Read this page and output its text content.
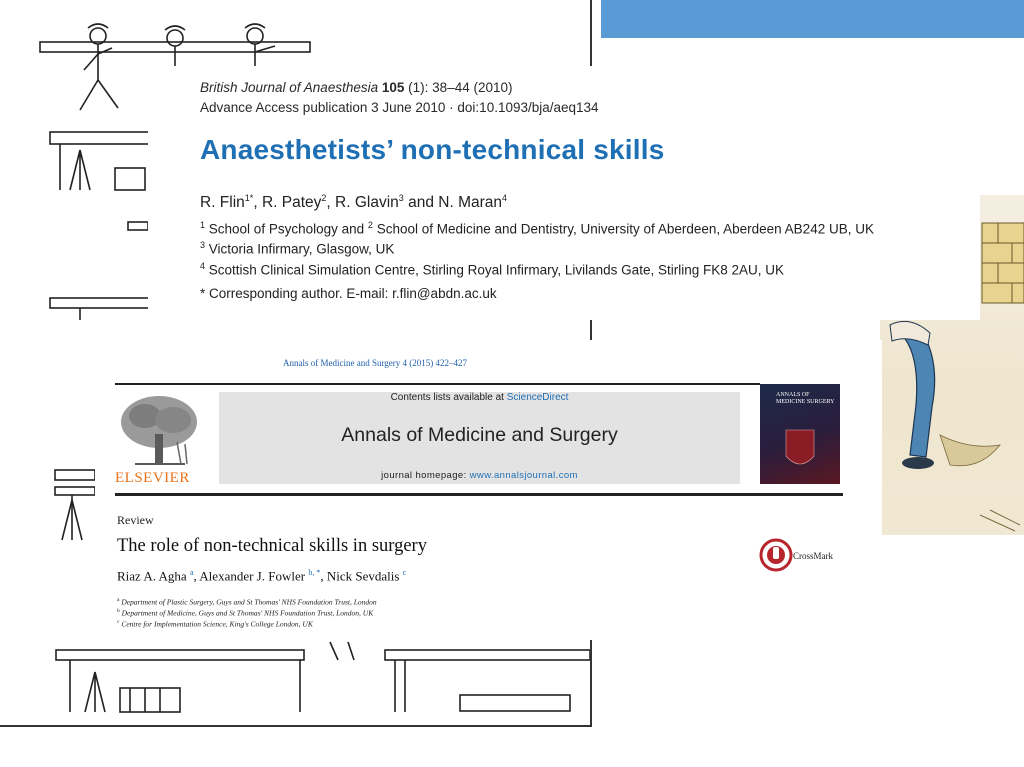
British Journal of Anaesthesia 105 (1): 38–44 (2010)
Advance Access publication 3 June 2010 · doi:10.1093/bja/aeq134
Anaesthetists’ non-technical skills
R. Flin$^{1*}$, R. Patey$^2$, R. Glavin$^3$ and N. Maran$^4$
$^1$ School of Psychology and $^2$ School of Medicine and Dentistry, University of Aberdeen, Aberdeen AB242 UB, UK
$^3$ Victoria Infirmary, Glasgow, UK
$^4$ Scottish Clinical Simulation Centre, Stirling Royal Infirmary, Livilands Gate, Stirling FK8 2AU, UK
* Corresponding author. E-mail: r.flin@abdn.ac.uk
Annals of Medicine and Surgery 4 (2015) 422–427
ELSEVIER
Contents lists available at ScienceDirect
Annals of Medicine and Surgery
journal homepage: www.annalsjournal.com
ANNALS OF MEDICINE SURGERY
Review
The role of non-technical skills in surgery
Riaz A. Agha $^a$, Alexander J. Fowler $^{b, *}$, Nick Sevdalis $^c$
$^a$ Department of Plastic Surgery, Guys and St Thomas' NHS Foundation Trust, London
$^b$ Department of Medicine, Guys and St Thomas' NHS Foundation Trust, London, UK
$^c$ Centre for Implementation Science, King's College London, UK
CrossMark
